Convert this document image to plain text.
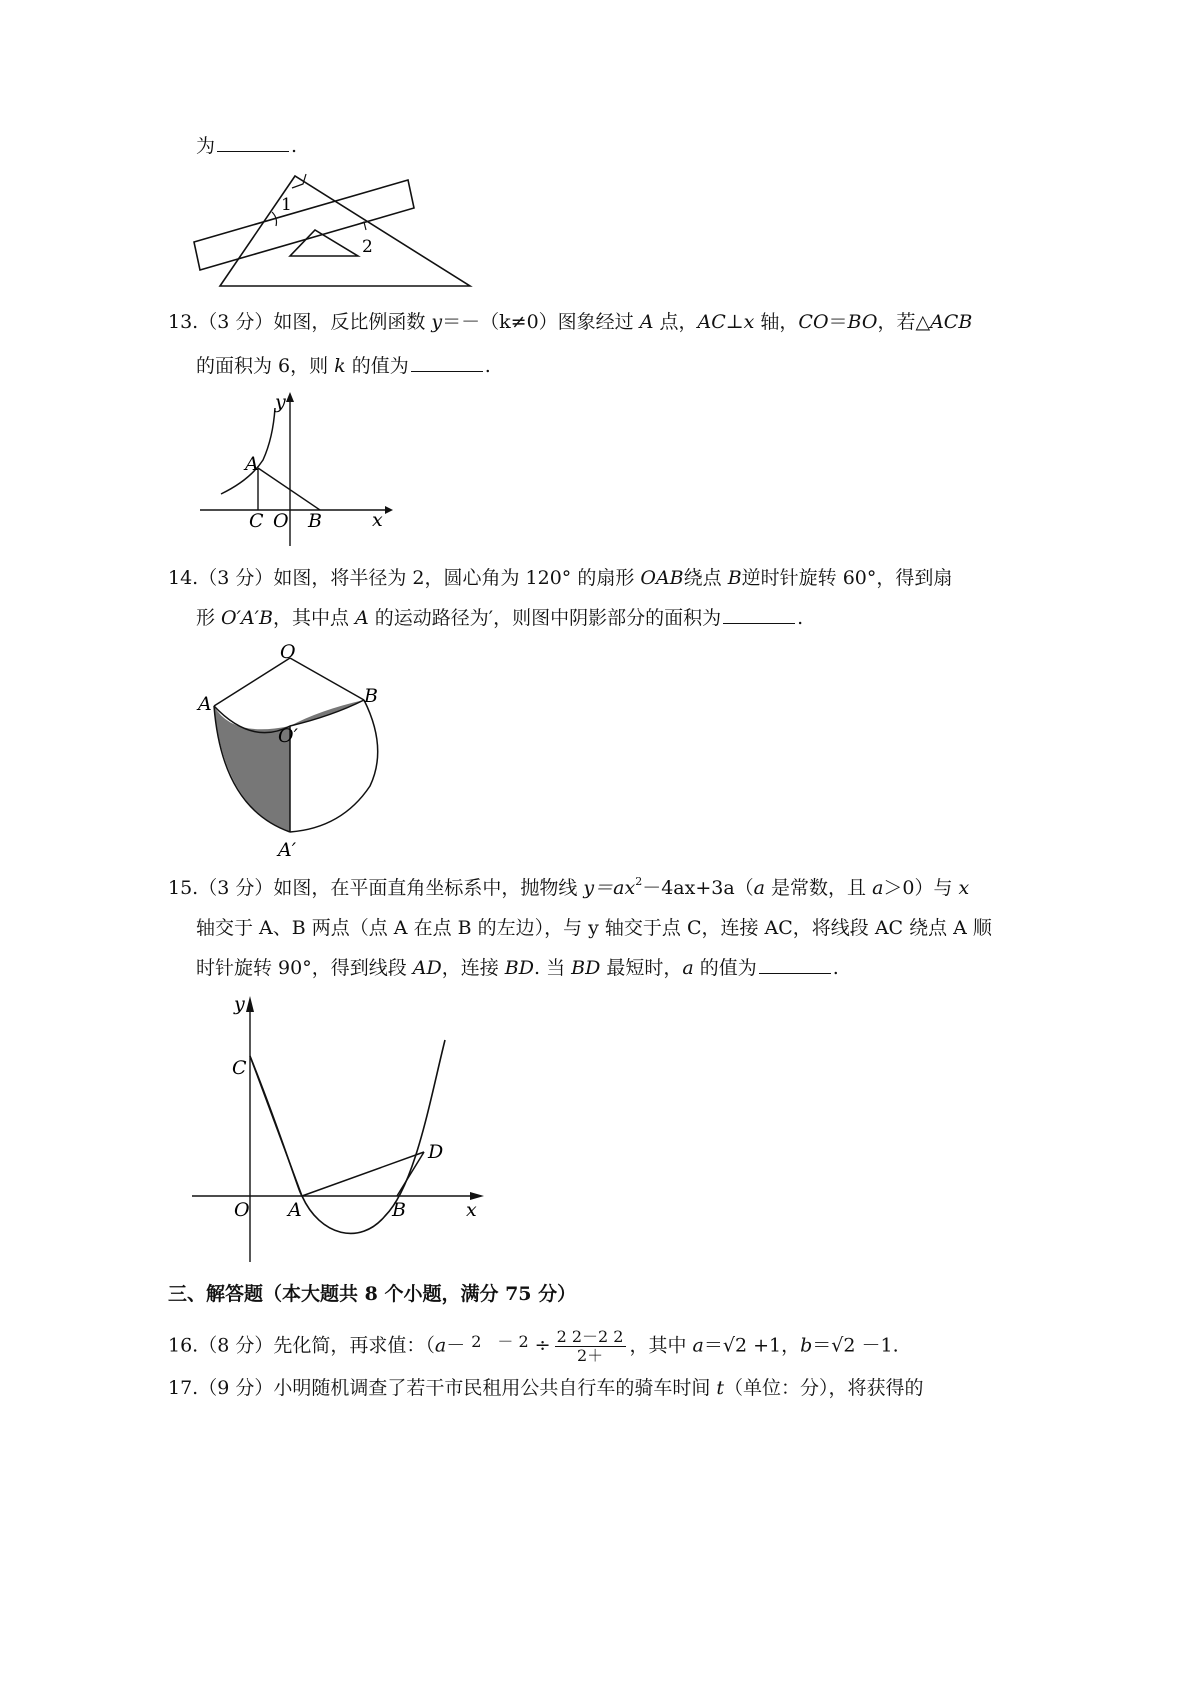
为	.
1
2
13.（3 分）如图，反比例函数 y＝－（k≠0）图象经过 A 点，AC⊥x 轴，CO＝BO，若△ACB
的面积为 6，则 k 的值为	.
y
x
A
C O B
14.（3 分）如图，将半径为 2，圆心角为 120° 的扇形 OAB绕点 B逆时针旋转 60°，得到扇
形 O′A′B，其中点 A 的运动路径为′，则图中阴影部分的面积为	.
O
A	B
O′
A′
15.（3 分）如图，在平面直角坐标系中，抛物线 $y=ax^2-4ax+3a(a$ 是常数，且 a＞0）与 x
轴交于 A、B 两点（点 A 在点 B 的左边），与 y 轴交于点 C，连接 AC，将线段 AC 绕点 A 顺
时针旋转 90°，得到线段 AD，连接 BD. 当 BD 最短时，a 的值为	.
y
x
C
O A	B
D
三、解答题（本大题共 8 个小题，满分 75 分）
16.（8 分）先化简，再求值：（a－ 2　－ $2 \div \frac{2 2-2 2}{2+}$ ，其中 a＝√2 +1，b＝√2 －1.
17.（9 分）小明随机调查了若干市民租用公共自行车的骑车时间 t（单位：分），将获得的
